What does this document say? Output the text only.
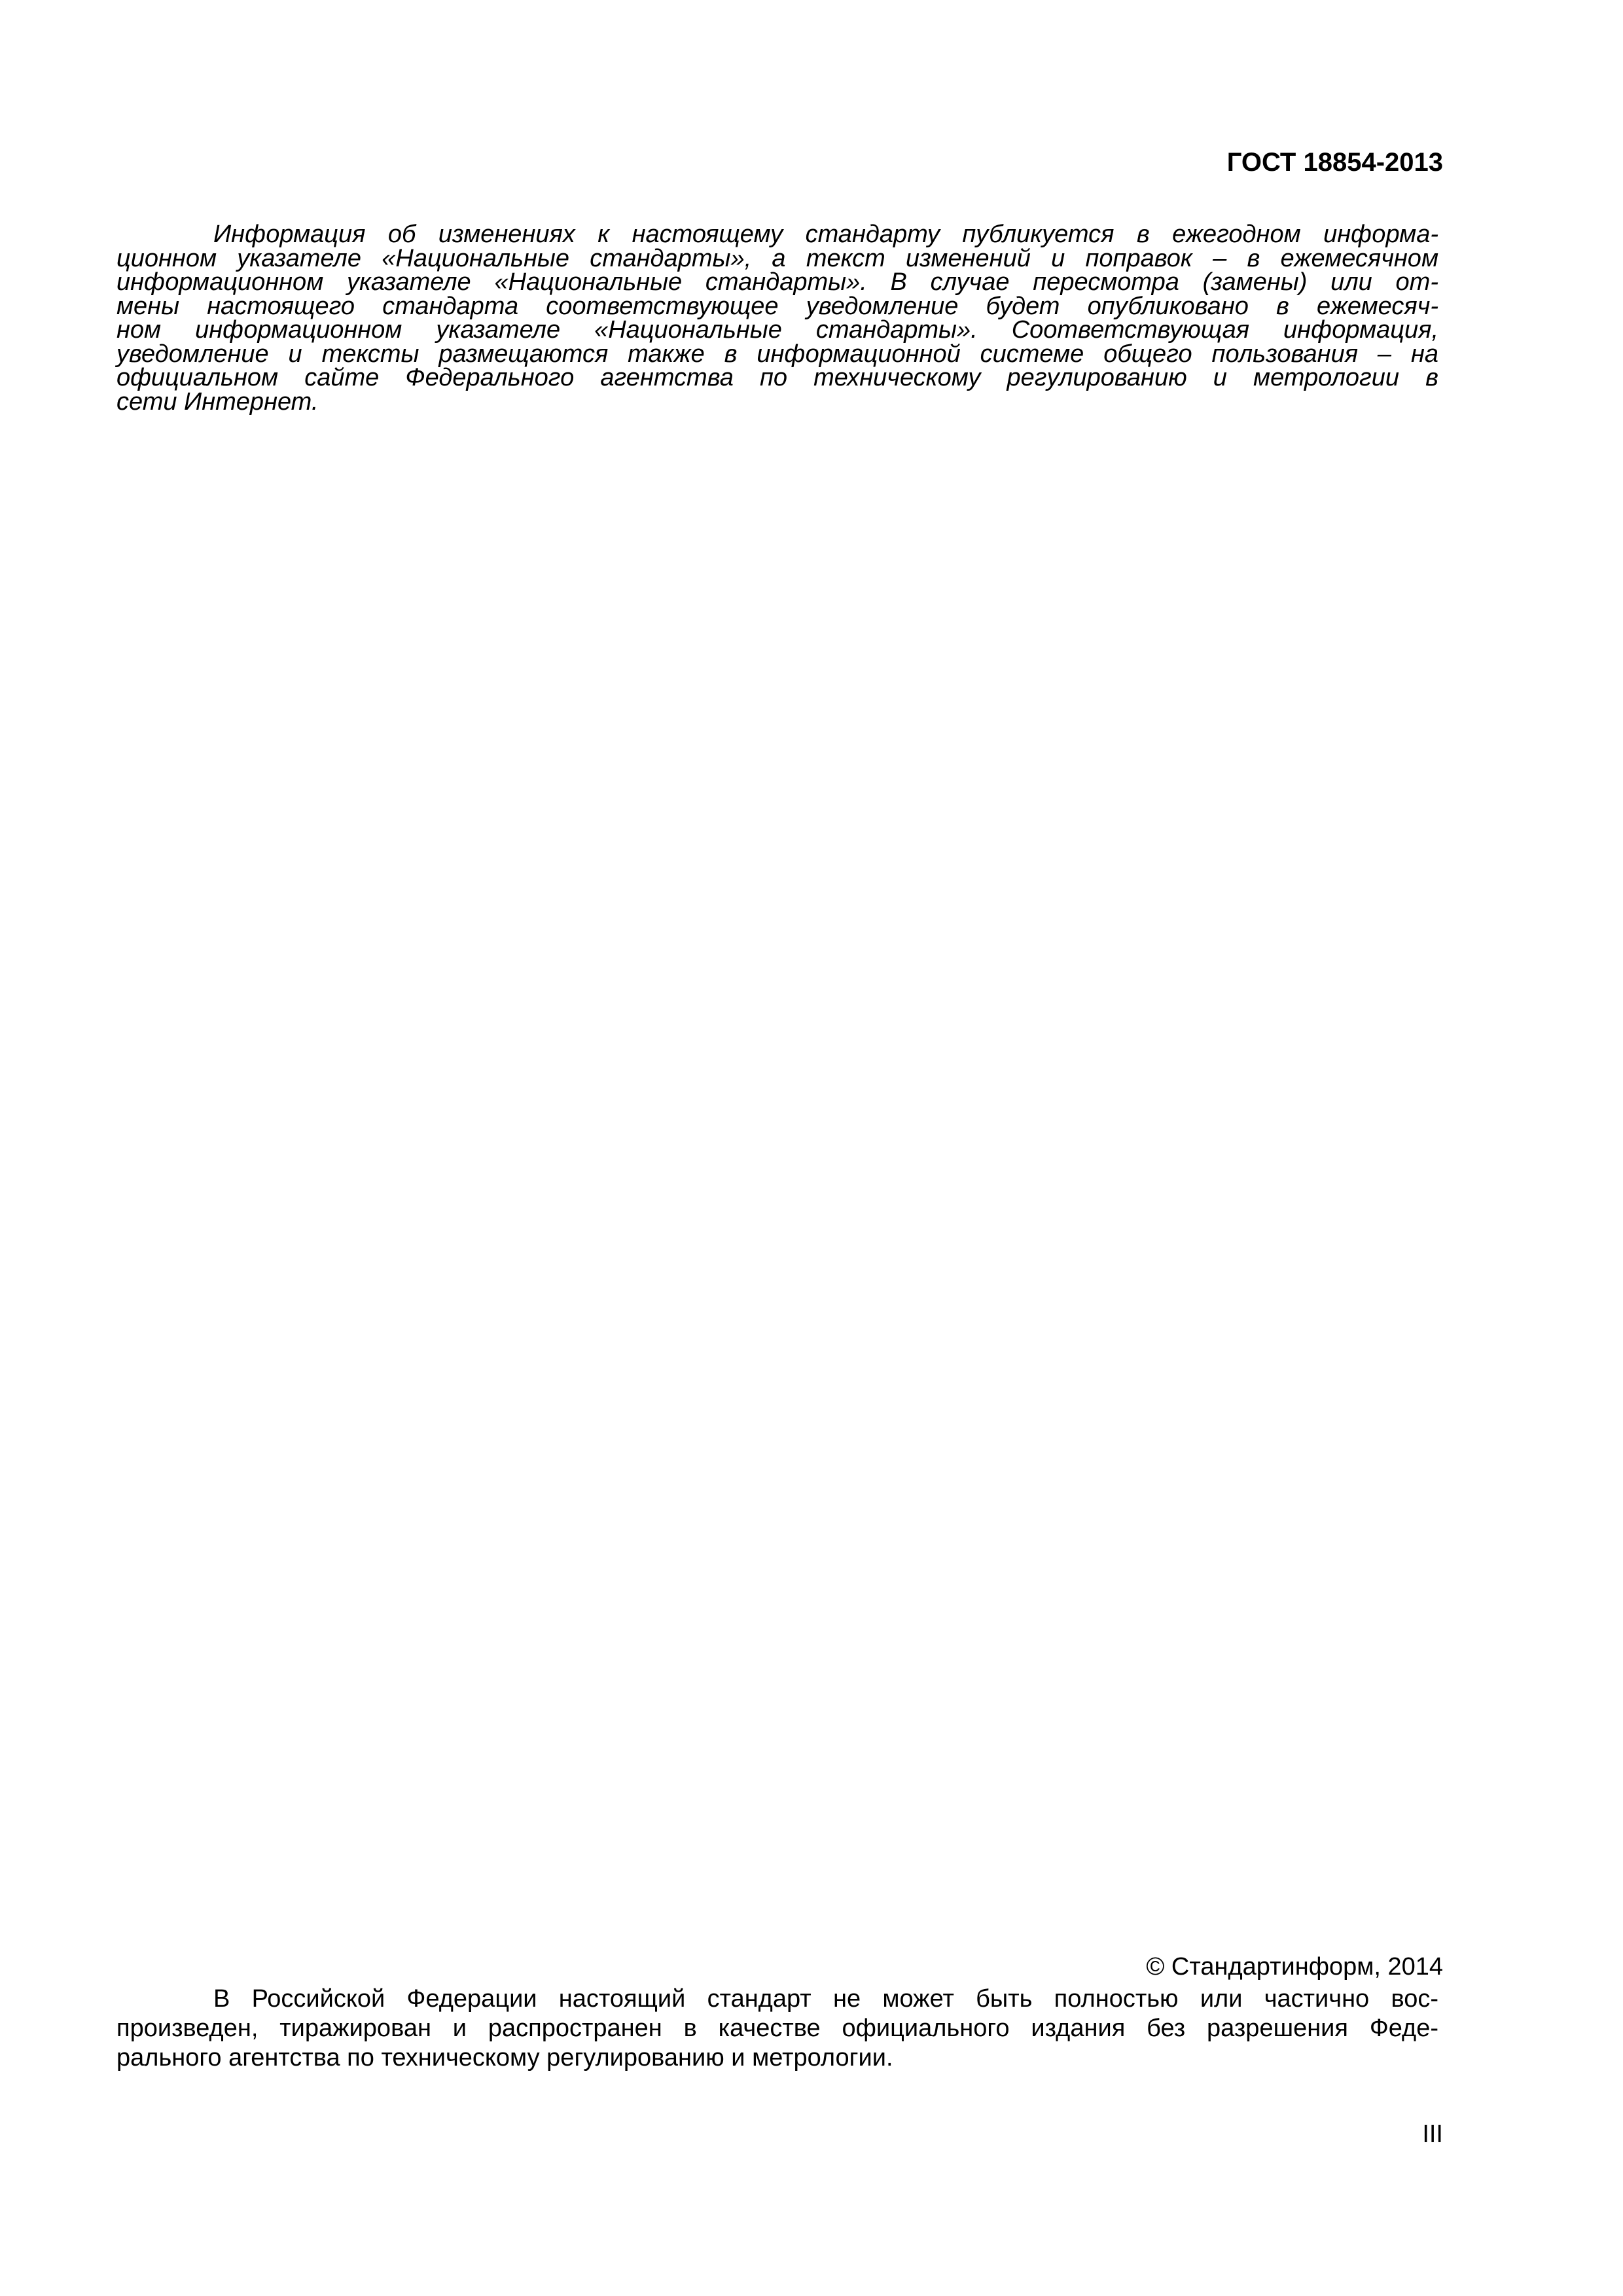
ГОСТ 18854-2013
Информация об изменениях к настоящему стандарту публикуется в ежегодном информа-
ционном указателе «Национальные стандарты», а текст изменений и поправок – в ежемесячном
информационном указателе «Национальные стандарты». В случае пересмотра (замены) или от-
мены настоящего стандарта соответствующее уведомление будет опубликовано в ежемесяч-
ном информационном указателе «Национальные стандарты». Соответствующая информация,
уведомление и тексты размещаются также в информационной системе общего пользования – на
официальном сайте Федерального агентства по техническому регулированию и метрологии в
сети Интернет.
© Стандартинформ, 2014
В Российской Федерации настоящий стандарт не может быть полностью или частично вос-
произведен, тиражирован и распространен в качестве официального издания без разрешения Феде-
рального агентства по техническому регулированию и метрологии.
III
